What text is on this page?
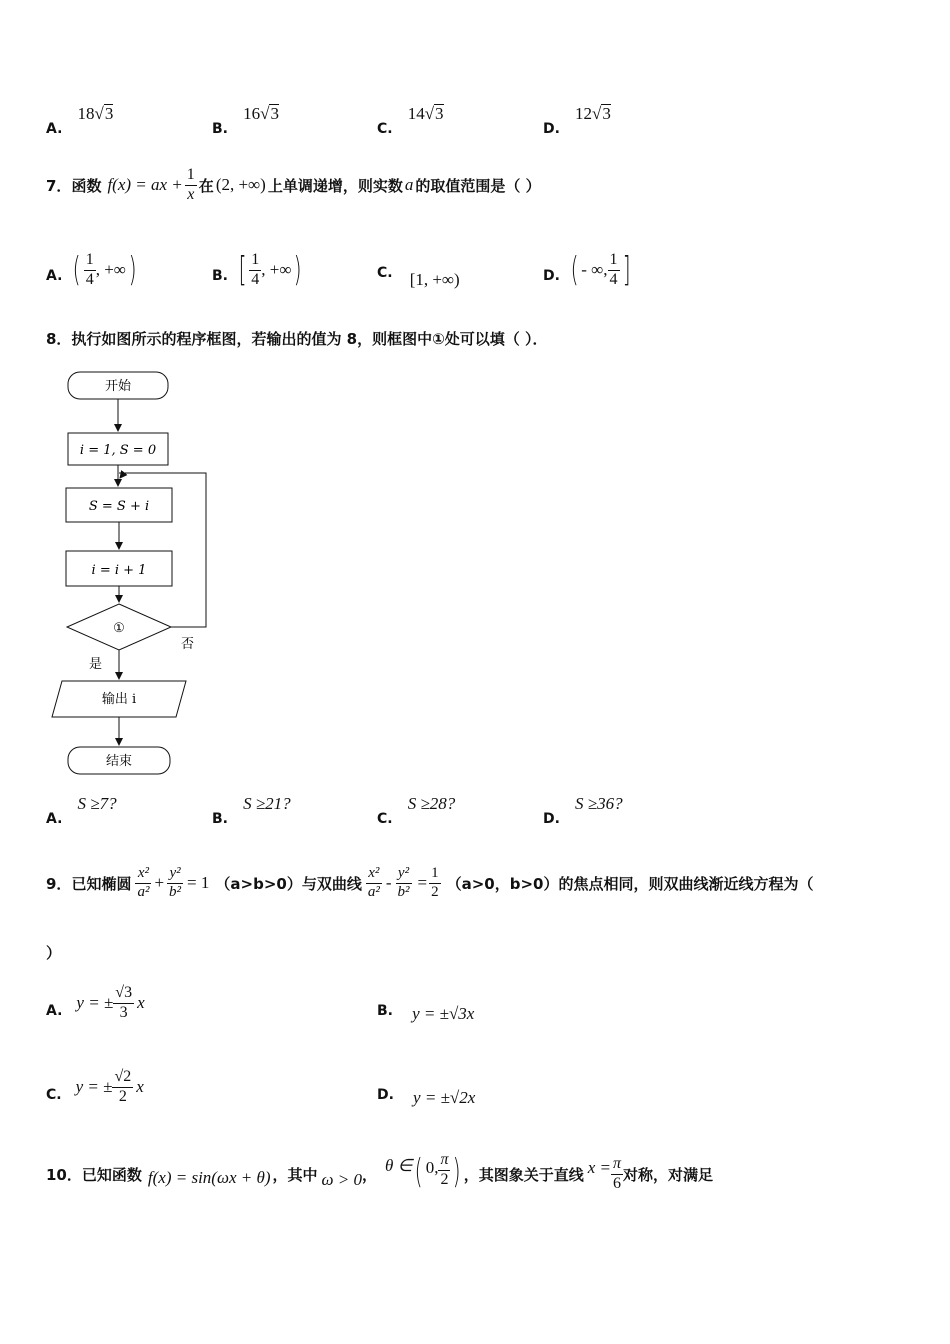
A. 18√3
B. 16√3
C. 14√3
D. 12√3
7． 函数 f(x) = ax + $\frac{1}{x}$ 在 (2, +∞) 上单调递增，则实数 a 的取值范围是（ ）
A. ( $\frac{1}{4}$ , +∞ )	B. [ $\frac{1}{4}$ , +∞ )	C. [1, +∞)	D. ( - ∞, $\frac{1}{4}$ ]
8．执行如图所示的程序框图，若输出的值为 8，则框图中①处可以填（ ）．
开始
i = 1, S = 0
S = S + i
i = i + 1
①
否
是
输出 i
结束
A. S ≥7?
B. S ≥21?
C. S ≥28?
D. S ≥36?
9． 已知椭圆 $\frac{\text{x²}}{\text{a²}} + \frac{\text{y²}}{\text{b²}} = 1$ （a>b>0）与双曲线 $\frac{\text{x²}}{\text{a²}} - \frac{\text{y²}}{\text{b²}} = \frac{1}{2} (a>0$，b>0）的焦点相同，则双曲线渐近线方程为（
）
A. y = ± $\frac{√3}{3}$ x	B. y = ±√3x
C. y = ± $\frac{√2}{2}$ x	D. y = ±√2x
10． 已知函数 f(x) = sin(ωx + θ) ，其中 ω > 0 ， θ ∈ ( 0, $\frac{\pi}{2}$ ) ，其图象关于直线 $x = \frac{\pi}{6}$ 对称，对满足
